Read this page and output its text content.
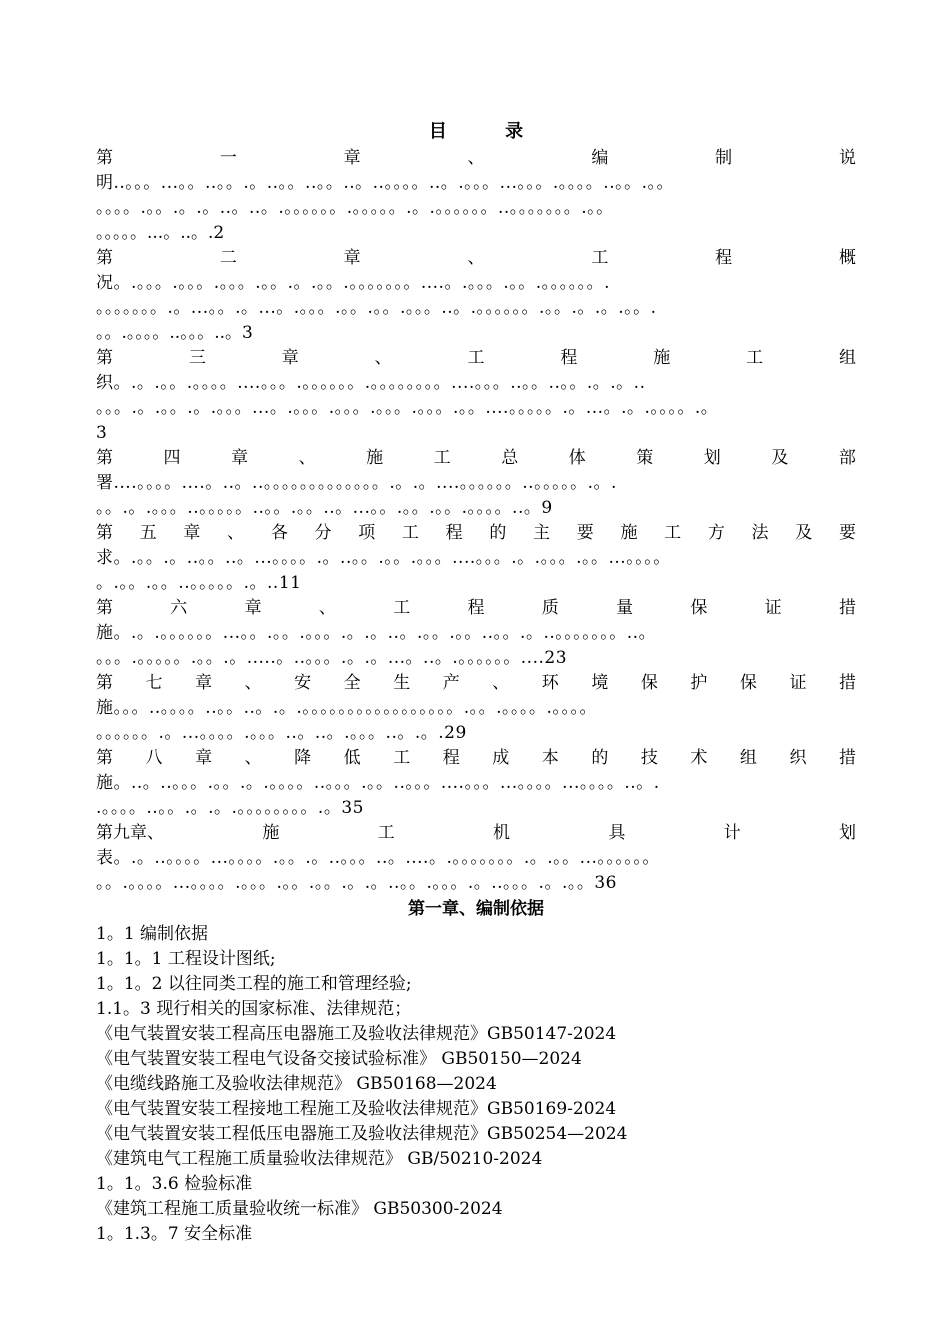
目 录
第	一	章	、	编	制	说
明..。。。...。。..。。.。..。。..。。..。..。。。。..。.。。。...。。。.。。。。..。。.。。
。。。。.。。.。.。..。..。.。。。。。。.。。。。。.。.。。。。。。..。。。。。。。.。。
。。。。。...。..。.2
第	二	章	、	工	程	概
况。.。。。.。。。.。。。.。。.。.。。.。。。。。。。....。.。。。.。。.。。。。。。.
。。。。。。。.。...。。.。...。.。。。.。。.。。.。。。..。.。。。。。。.。。.。.。.。。.
。。.。。。。..。。。..。3
第	三	章	、	工	程	施	工	组
织。.。.。。.。。。。....。。。.。。。。。。.。。。。。。。。....。。。..。。..。。.。.。..
。。。.。.。。.。.。。。...。.。。。.。。。.。。。.。。。.。。....。。。。。.。...。.。.。。。。.。
3
第	四	章	、	施	工	总	体	策	划	及	部
署....。。。。....。..。..。。。。。。。。。。。。。.。.。....。。。。。。..。。。。。.。.
。。.。.。。。..。。。。。..。。.。。..。...。。.。。.。。.。。。。..。9
第 五 章 、 各 分 项 工 程 的 主 要 施 工 方 法 及 要
求。.。。.。..。。..。...。。。。.。..。。.。。.。。。....。。。.。.。。。.。。...。。。。
。.。。.。。..。。。。。.。..11
第	六	章	、	工	程	质	量	保	证	措
施。.。.。。。。。。...。。.。。.。。。.。.。..。.。。.。。..。。.。..。。。。。。。..。
。。。.。。。。。.。。.。.....。..。。。.。.。...。..。.。。。。。。....23
第 七 章 、 安 全 生 产 、 环 境 保 护 保 证 措
施。。。..。。。。..。。..。.。.。。。。。。。。。。。。。。。。。.。。.。。。。.。。。。
。。。。。。.。...。。。。.。。。..。..。.。。。..。.。.29
第 八 章 、 降 低 工 程 成 本 的 技 术 组 织 措
施。..。..。。。.。。.。.。。。。..。。。.。。..。。。....。。。...。。。。...。。。。..。.
.。。。。..。。.。.。.。。。。。。。。.。35
第九章、	施	工	机	具	计	划
表。.。..。。。。...。。。。.。。.。..。。。..。....。.。。。。。。。.。.。。...。。。。。。
。。.。。。。...。。。。.。。。.。。.。。.。.。..。。.。。。.。..。。。.。.。。36
第一章、编制依据
1。1 编制依据
1。1。1 工程设计图纸;
1。1。2 以往同类工程的施工和管理经验;
1.1。3 现行相关的国家标准、法律规范；
《电气装置安装工程高压电器施工及验收法律规范》GB50147-2024
《电气装置安装工程电气设备交接试验标准》 GB50150—2024
《电缆线路施工及验收法律规范》 GB50168—2024
《电气装置安装工程接地工程施工及验收法律规范》GB50169-2024
《电气装置安装工程低压电器施工及验收法律规范》GB50254—2024
《建筑电气工程施工质量验收法律规范》 GB/50210-2024
1。1。3.6 检验标准
《建筑工程施工质量验收统一标准》 GB50300-2024
1。1.3。7 安全标准
